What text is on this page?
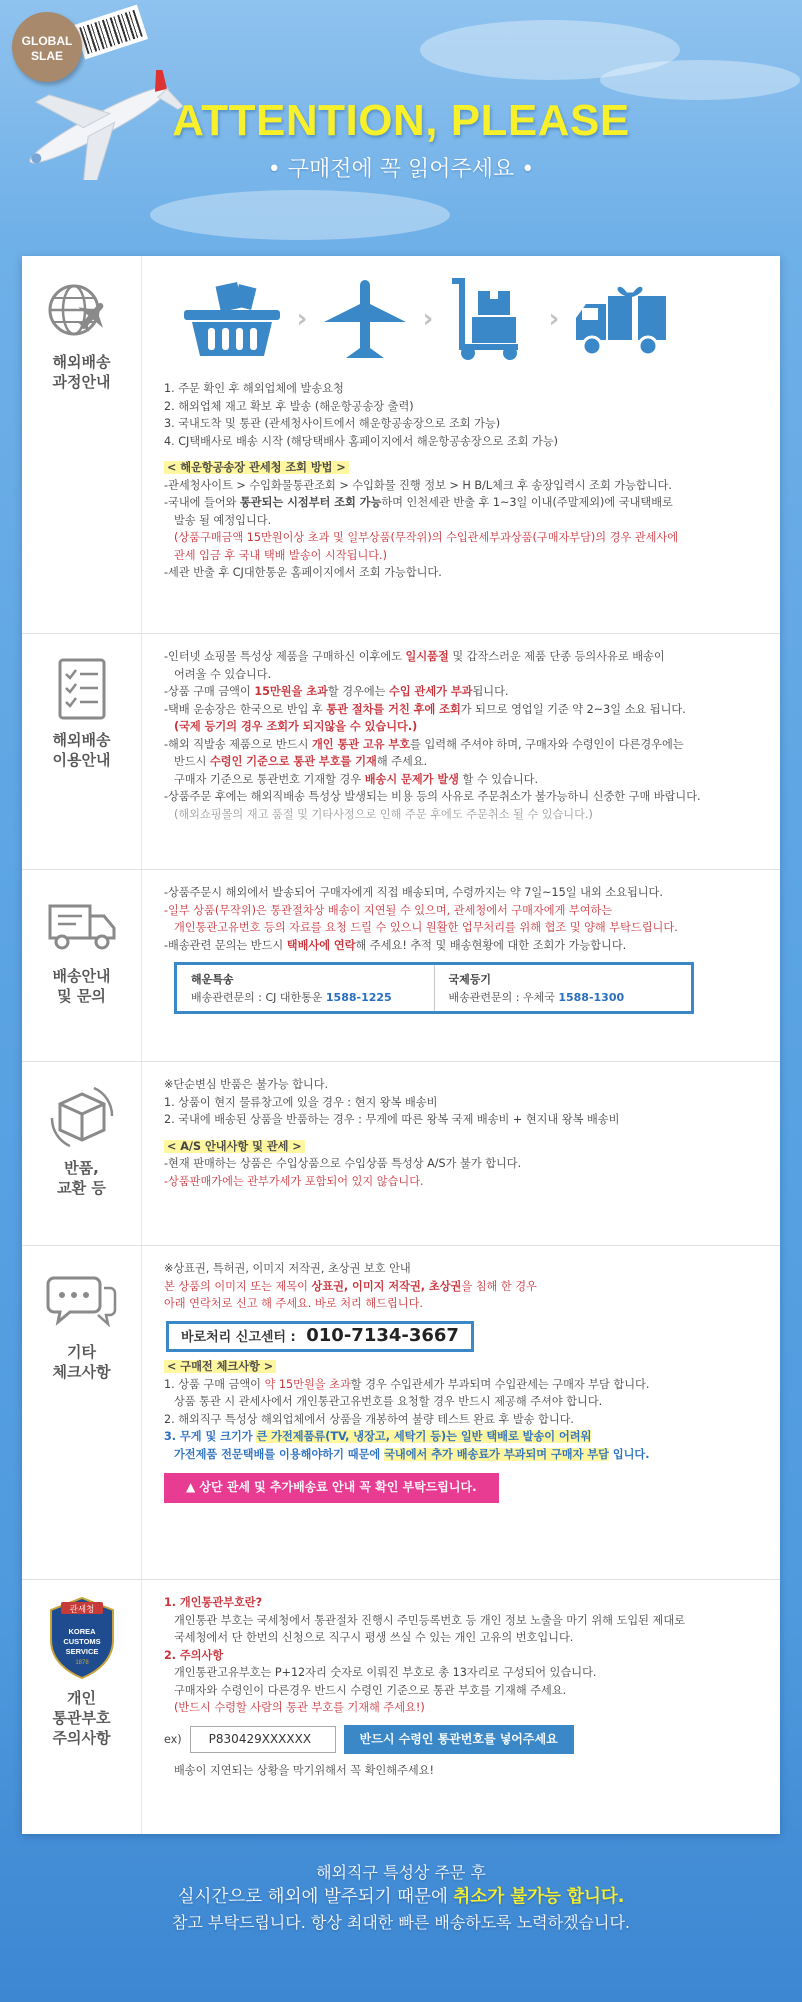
GLOBAL
SLAE
ATTENTION, PLEASE
• 구매전에 꼭 읽어주세요 •
해외배송
과정안내
›	›	›

1. 주문 확인 후 해외업체에 발송요청

2. 해외업체 재고 확보 후 발송 (해운항공송장 출력)

3. 국내도착 및 통관 (관세청사이트에서 해운항공송장으로 조회 가능)

4. CJ택배사로 배송 시작 (해당택배사 홈페이지에서 해운항공송장으로 조회 가능)

< 해운항공송장 관세청 조회 방법 >

-관세청사이트 > 수입화물통관조회 > 수입화물 진행 정보 > H B/L체크 후 송장입력시 조회 가능합니다.

-국내에 들어와 통관되는 시점부터 조회 가능하며 인천세관 반출 후 1~3일 이내(주말제외)에 국내택배로

발송 될 예정입니다.

(상품구매금액 15만원이상 초과 및 일부상품(무작위)의 수입관세부과상품(구매자부담)의 경우 관세사에

관세 입금 후 국내 택배 발송이 시작됩니다.)

-세관 반출 후 CJ대한통운 홈페이지에서 조회 가능합니다.

해외배송
이용안내

-인터넷 쇼핑몰 특성상 제품을 구매하신 이후에도 일시품절 및 갑작스러운 제품 단종 등의사유로 배송이

어려울 수 있습니다.

-상품 구매 금액이 15만원을 초과할 경우에는 수입 관세가 부과됩니다.

-택배 운송장은 한국으로 반입 후 통관 절차를 거친 후에 조회가 되므로 영업일 기준 약 2~3일 소요 됩니다.

(국제 등기의 경우 조회가 되지않을 수 있습니다.)

-해외 직발송 제품으로 반드시 개인 통관 고유 부호를 입력해 주셔야 하며, 구매자와 수령인이 다른경우에는

반드시 수령인 기준으로 통관 부호를 기재해 주세요.

구매자 기준으로 통관번호 기재할 경우 배송시 문제가 발생 할 수 있습니다.

-상품주문 후에는 해외직배송 특성상 발생되는 비용 등의 사유로 주문취소가 불가능하니 신중한 구매 바랍니다.

(해외쇼핑몰의 재고 품절 및 기타사정으로 인해 주문 후에도 주문취소 될 수 있습니다.)

배송안내
및 문의

-상품주문시 해외에서 발송되어 구매자에게 직접 배송되며, 수령까지는 약 7일~15일 내외 소요됩니다.

-일부 상품(무작위)은 통관절차상 배송이 지연될 수 있으며, 관세청에서 구매자에게 부여하는

개인통관고유번호 등의 자료를 요청 드릴 수 있으니 원활한 업무처리를 위해 협조 및 양해 부탁드립니다.

-배송관련 문의는 반드시 택배사에 연락해 주세요! 추적 및 배송현황에 대한 조회가 가능합니다.

해운특송
배송관련문의 : CJ 대한통운 1588-1225
국제등기
배송관련문의 : 우체국 1588-1300
반품,
교환 등

※단순변심 반품은 불가능 합니다.

1. 상품이 현지 물류창고에 있을 경우 : 현지 왕복 배송비

2. 국내에 배송된 상품을 반품하는 경우 : 무게에 따른 왕복 국제 배송비 + 현지내 왕복 배송비

< A/S 안내사항 및 관세 >

-현재 판매하는 상품은 수입상품으로 수입상품 특성상 A/S가 불가 합니다.

-상품판매가에는 관부가세가 포함되어 있지 않습니다.

기타
체크사항

※상표권, 특허권, 이미지 저작권, 초상권 보호 안내

본 상품의 이미지 또는 제목이 상표권, 이미지 저작권, 초상권을 침해 한 경우

아래 연락처로 신고 해 주세요. 바로 처리 해드립니다.

바로처리 신고센터 : 010-7134-3667

< 구매전 체크사항 >

1. 상품 구매 금액이 약 15만원을 초과할 경우 수입관세가 부과되며 수입관세는 구매자 부담 합니다.

상품 통관 시 관세사에서 개인통관고유번호를 요청할 경우 반드시 제공해 주셔야 합니다.

2. 해외직구 특성상 해외업체에서 상품을 개봉하여 불량 테스트 완료 후 발송 합니다.

3. 무게 및 크기가 큰 가전제품류(TV, 냉장고, 세탁기 등)는 일반 택배로 발송이 어려워

가전제품 전문택배를 이용해야하기 때문에 국내에서 추가 배송료가 부과되며 구매자 부담 입니다.

▲ 상단 관세 및 추가배송료 안내 꼭 확인 부탁드립니다.
관세청
KOREA
CUSTOMS
SERVICE
1878
개인
통관부호
주의사항

1. 개인통관부호란?

개인통관 부호는 국세청에서 통관절차 진행시 주민등록번호 등 개인 정보 노출을 마기 위해 도입된 제대로

국세청에서 단 한번의 신청으로 직구시 평생 쓰실 수 있는 개인 고유의 번호입니다.

2. 주의사항

개인통관고유부호는 P+12자리 숫자로 이뤄진 부호로 총 13자리로 구성되어 있습니다.

구매자와 수령인이 다른경우 반드시 수령인 기준으로 통관 부호를 기재해 주세요.

(반드시 수령할 사람의 통관 부호를 기재해 주세요!)

ex)	P830429XXXXXX	반드시 수령인 통관번호를 넣어주세요

배송이 지연되는 상황을 막기위해서 꼭 확인해주세요!

해외직구 특성상 주문 후
실시간으로 해외에 발주되기 때문에 취소가 불가능 합니다.
참고 부탁드립니다. 항상 최대한 빠른 배송하도록 노력하겠습니다.
